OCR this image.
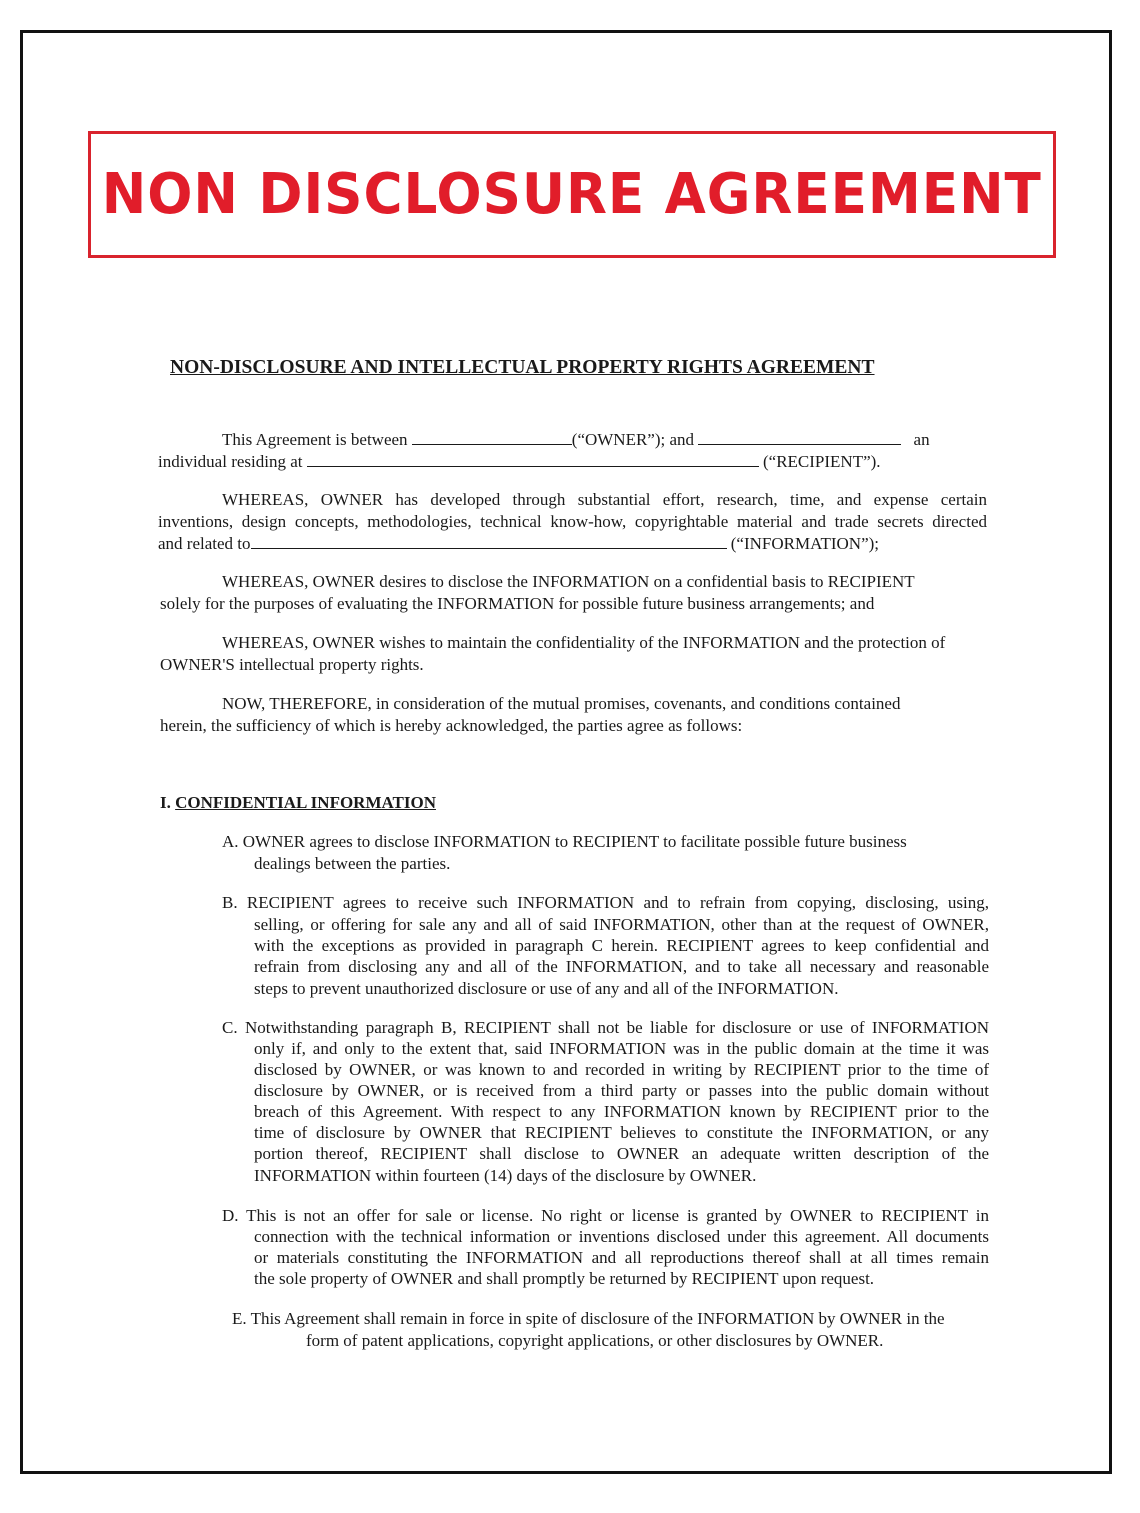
NON DISCLOSURE AGREEMENT
NON-DISCLOSURE AND INTELLECTUAL PROPERTY RIGHTS AGREEMENT
This Agreement is between	(“OWNER”); and	an
individual residing at	(“RECIPIENT”).
WHEREAS, OWNER has developed through substantial effort, research, time, and expense certain
inventions, design concepts, methodologies, technical know-how, copyrightable material and trade secrets directed
and related to	(“INFORMATION”);
WHEREAS, OWNER desires to disclose the INFORMATION on a confidential basis to RECIPIENT
solely for the purposes of evaluating the INFORMATION for possible future business arrangements; and
WHEREAS, OWNER wishes to maintain the confidentiality of the INFORMATION and the protection of
OWNER'S intellectual property rights.
NOW, THEREFORE, in consideration of the mutual promises, covenants, and conditions contained
herein, the sufficiency of which is hereby acknowledged, the parties agree as follows:
I. CONFIDENTIAL INFORMATION
A. OWNER agrees to disclose INFORMATION to RECIPIENT to facilitate possible future business
dealings between the parties.
B. RECIPIENT agrees to receive such INFORMATION and to refrain from copying, disclosing, using,
selling, or offering for sale any and all of said INFORMATION, other than at the request of OWNER,
with the exceptions as provided in paragraph C herein. RECIPIENT agrees to keep confidential and
refrain from disclosing any and all of the INFORMATION, and to take all necessary and reasonable
steps to prevent unauthorized disclosure or use of any and all of the INFORMATION.
C. Notwithstanding paragraph B, RECIPIENT shall not be liable for disclosure or use of INFORMATION
only if, and only to the extent that, said INFORMATION was in the public domain at the time it was
disclosed by OWNER, or was known to and recorded in writing by RECIPIENT prior to the time of
disclosure by OWNER, or is received from a third party or passes into the public domain without
breach of this Agreement. With respect to any INFORMATION known by RECIPIENT prior to the
time of disclosure by OWNER that RECIPIENT believes to constitute the INFORMATION, or any
portion thereof, RECIPIENT shall disclose to OWNER an adequate written description of the
INFORMATION within fourteen (14) days of the disclosure by OWNER.
D. This is not an offer for sale or license. No right or license is granted by OWNER to RECIPIENT in
connection with the technical information or inventions disclosed under this agreement. All documents
or materials constituting the INFORMATION and all reproductions thereof shall at all times remain
the sole property of OWNER and shall promptly be returned by RECIPIENT upon request.
E. This Agreement shall remain in force in spite of disclosure of the INFORMATION by OWNER in the
form of patent applications, copyright applications, or other disclosures by OWNER.
